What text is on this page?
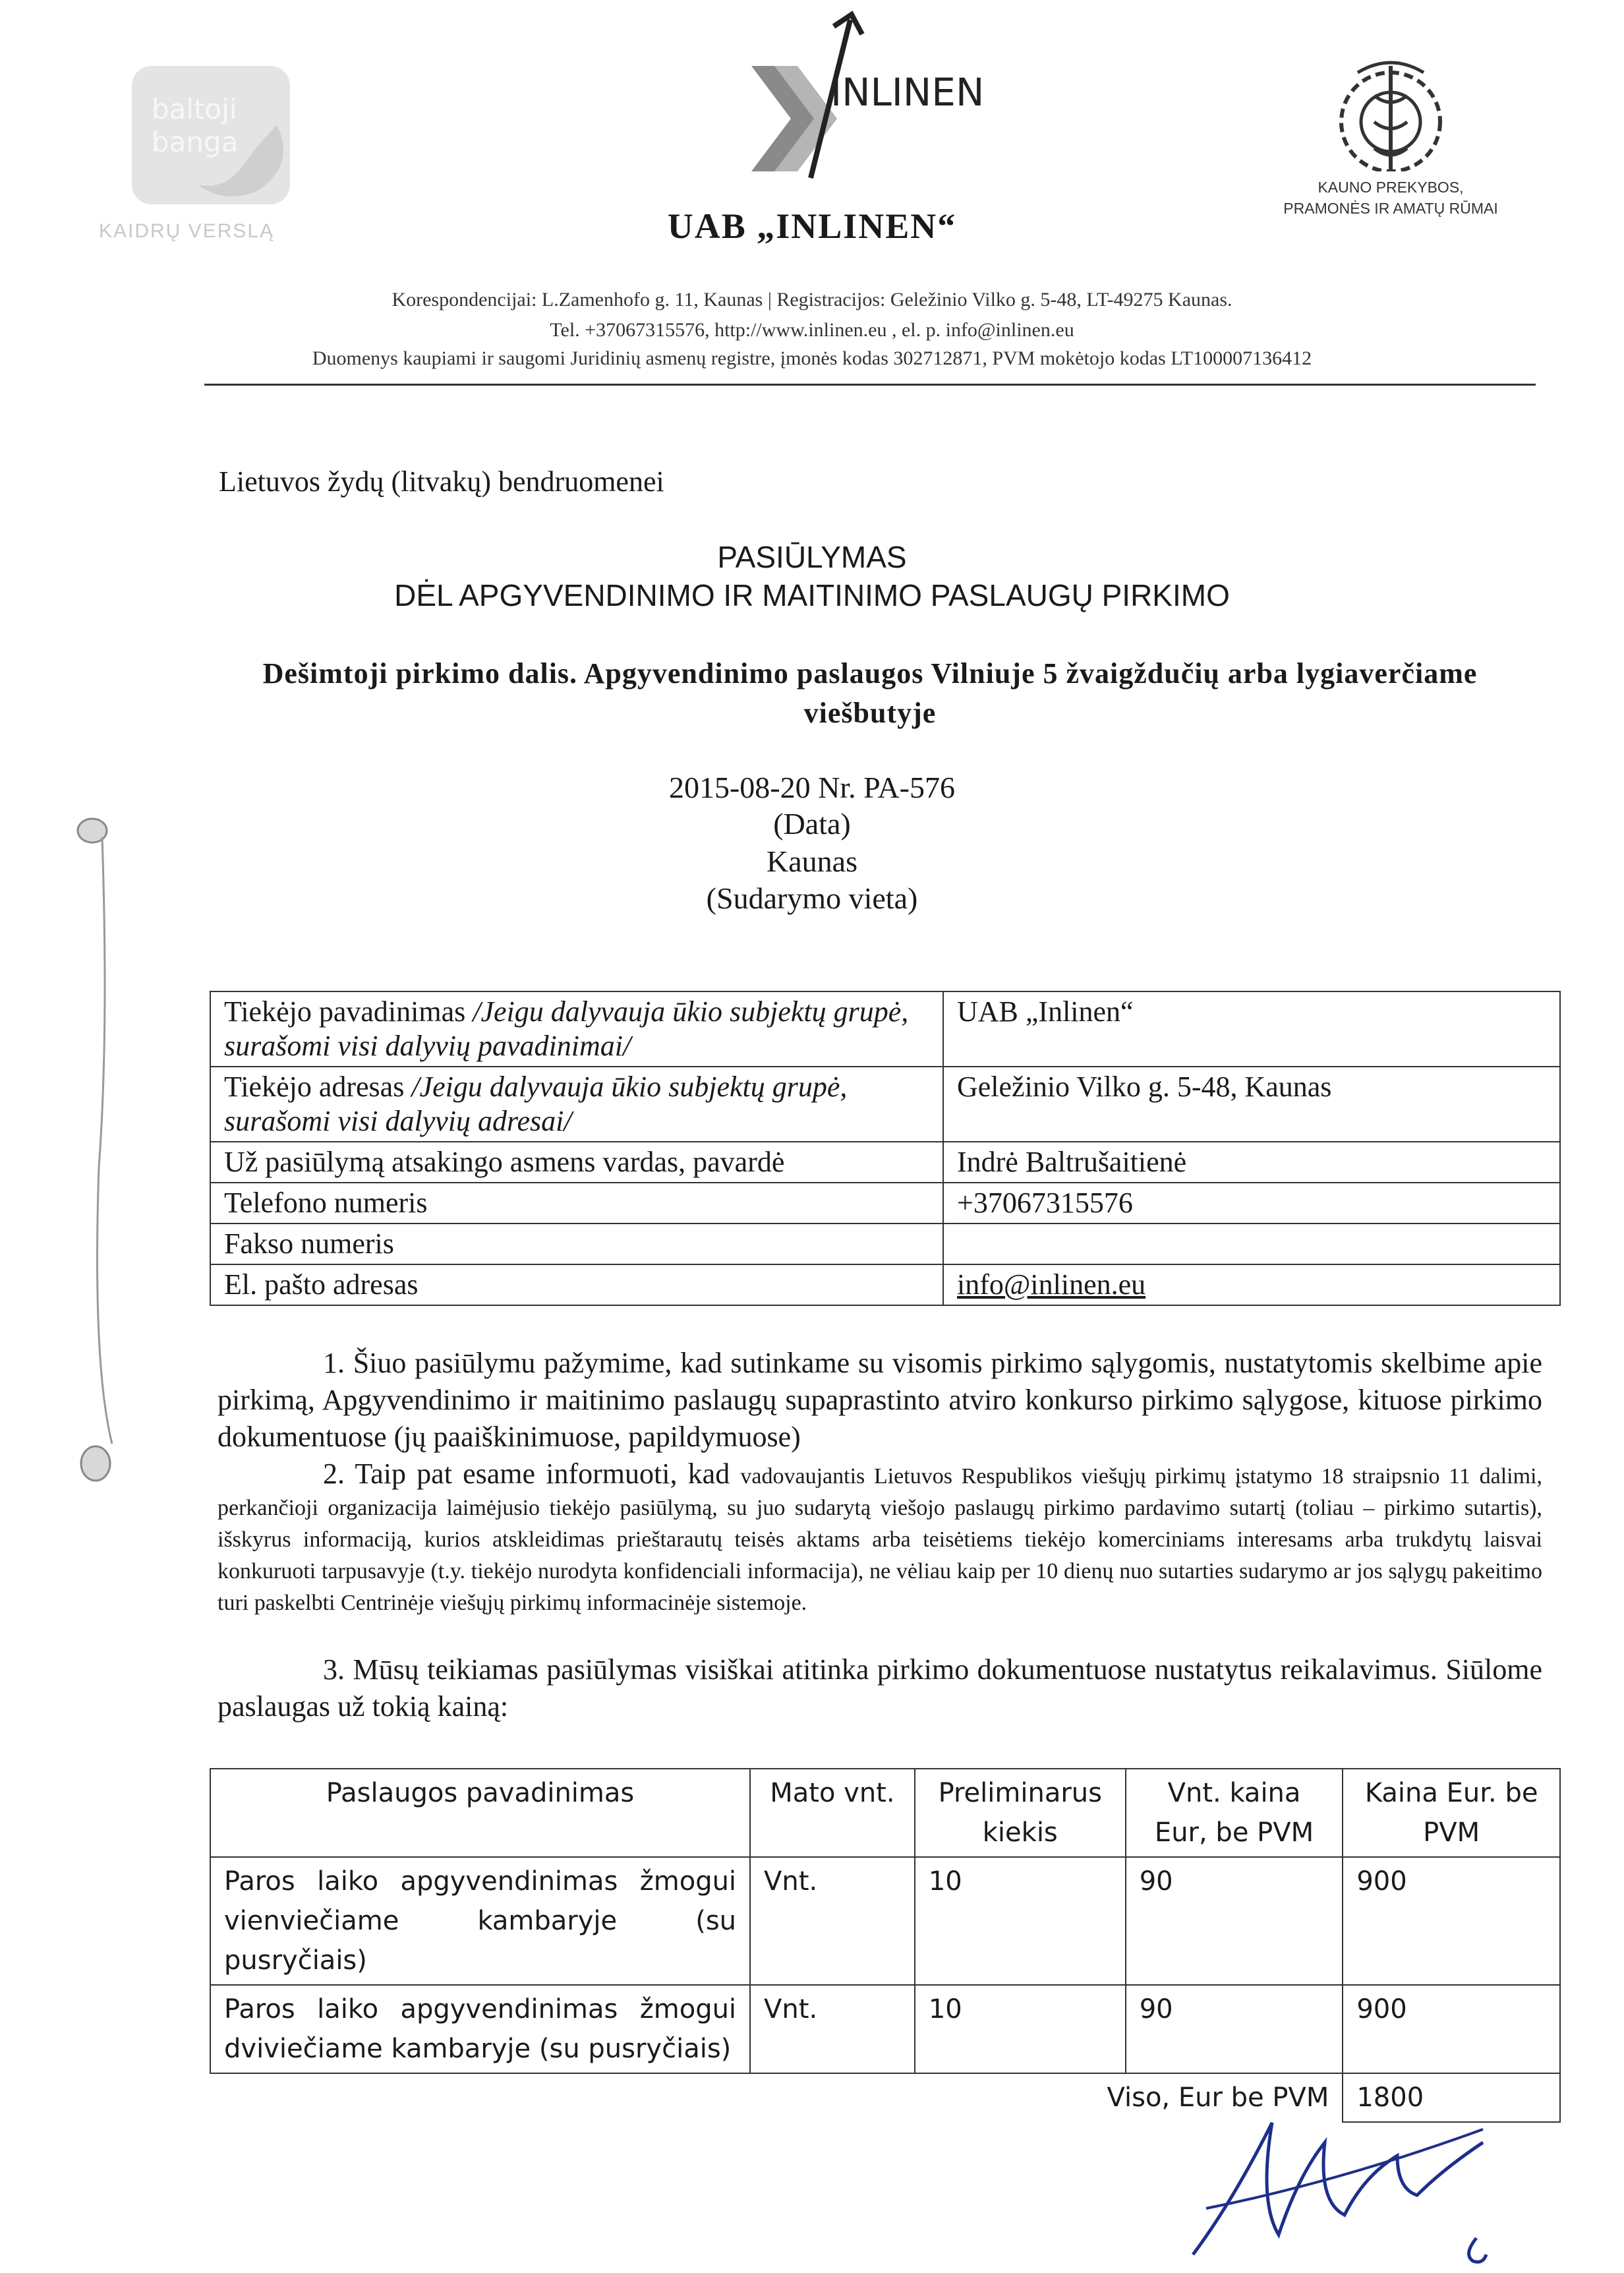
baltoji
banga
KAIDRŲ VERSLĄ
INLINEN
UAB „INLINEN“
KAUNO PREKYBOS,
PRAMONĖS IR AMATŲ RŪMAI
Korespondencijai: L.Zamenhofo g. 11, Kaunas | Registracijos: Geležinio Vilko g. 5-48, LT-49275 Kaunas.
Tel. +37067315576, http://www.inlinen.eu , el. p. info@inlinen.eu
Duomenys kaupiami ir saugomi Juridinių asmenų registre, įmonės kodas 302712871, PVM mokėtojo kodas LT100007136412
Lietuvos žydų (litvakų) bendruomenei
PASIŪLYMAS
DĖL APGYVENDINIMO IR MAITINIMO PASLAUGŲ PIRKIMO
Dešimtoji pirkimo dalis. Apgyvendinimo paslaugos Vilniuje 5 žvaigždučių arba lygiaverčiame viešbutyje
2015-08-20 Nr. PA-576
(Data)
Kaunas
(Sudarymo vieta)
Tiekėjo pavadinimas /Jeigu dalyvauja ūkio subjektų grupė, surašomi visi dalyvių pavadinimai/	UAB „Inlinen“
Tiekėjo adresas /Jeigu dalyvauja ūkio subjektų grupė, surašomi visi dalyvių adresai/	Geležinio Vilko g. 5-48, Kaunas
Už pasiūlymą atsakingo asmens vardas, pavardė	Indrė Baltrušaitienė
Telefono numeris	+37067315576
Fakso numeris	
El. pašto adresas	info@inlinen.eu
1. Šiuo pasiūlymu pažymime, kad sutinkame su visomis pirkimo sąlygomis, nustatytomis skelbime apie pirkimą, Apgyvendinimo ir maitinimo paslaugų supaprastinto atviro konkurso pirkimo sąlygose, kituose pirkimo dokumentuose (jų paaiškinimuose, papildymuose)
2. Taip pat esame informuoti, kad vadovaujantis Lietuvos Respublikos viešųjų pirkimų įstatymo 18 straipsnio 11 dalimi, perkančioji organizacija laimėjusio tiekėjo pasiūlymą, su juo sudarytą viešojo paslaugų pirkimo pardavimo sutartį (toliau – pirkimo sutartis), išskyrus informaciją, kurios atskleidimas prieštarautų teisės aktams arba teisėtiems tiekėjo komerciniams interesams arba trukdytų laisvai konkuruoti tarpusavyje (t.y. tiekėjo nurodyta konfidenciali informacija), ne vėliau kaip per 10 dienų nuo sutarties sudarymo ar jos sąlygų pakeitimo turi paskelbti Centrinėje viešųjų pirkimų informacinėje sistemoje.
3. Mūsų teikiamas pasiūlymas visiškai atitinka pirkimo dokumentuose nustatytus reikalavimus. Siūlome paslaugas už tokią kainą:
Paslaugos pavadinimas	Mato vnt.	Preliminarus kiekis	Vnt. kaina Eur, be PVM	Kaina Eur. be PVM
Paros laiko apgyvendinimas žmogui vienviečiame kambaryje (su pusryčiais)	Vnt.	10	90	900
Paros laiko apgyvendinimas žmogui dviviečiame kambaryje (su pusryčiais)	Vnt.	10	90	900
		Viso, Eur be PVM		1800
